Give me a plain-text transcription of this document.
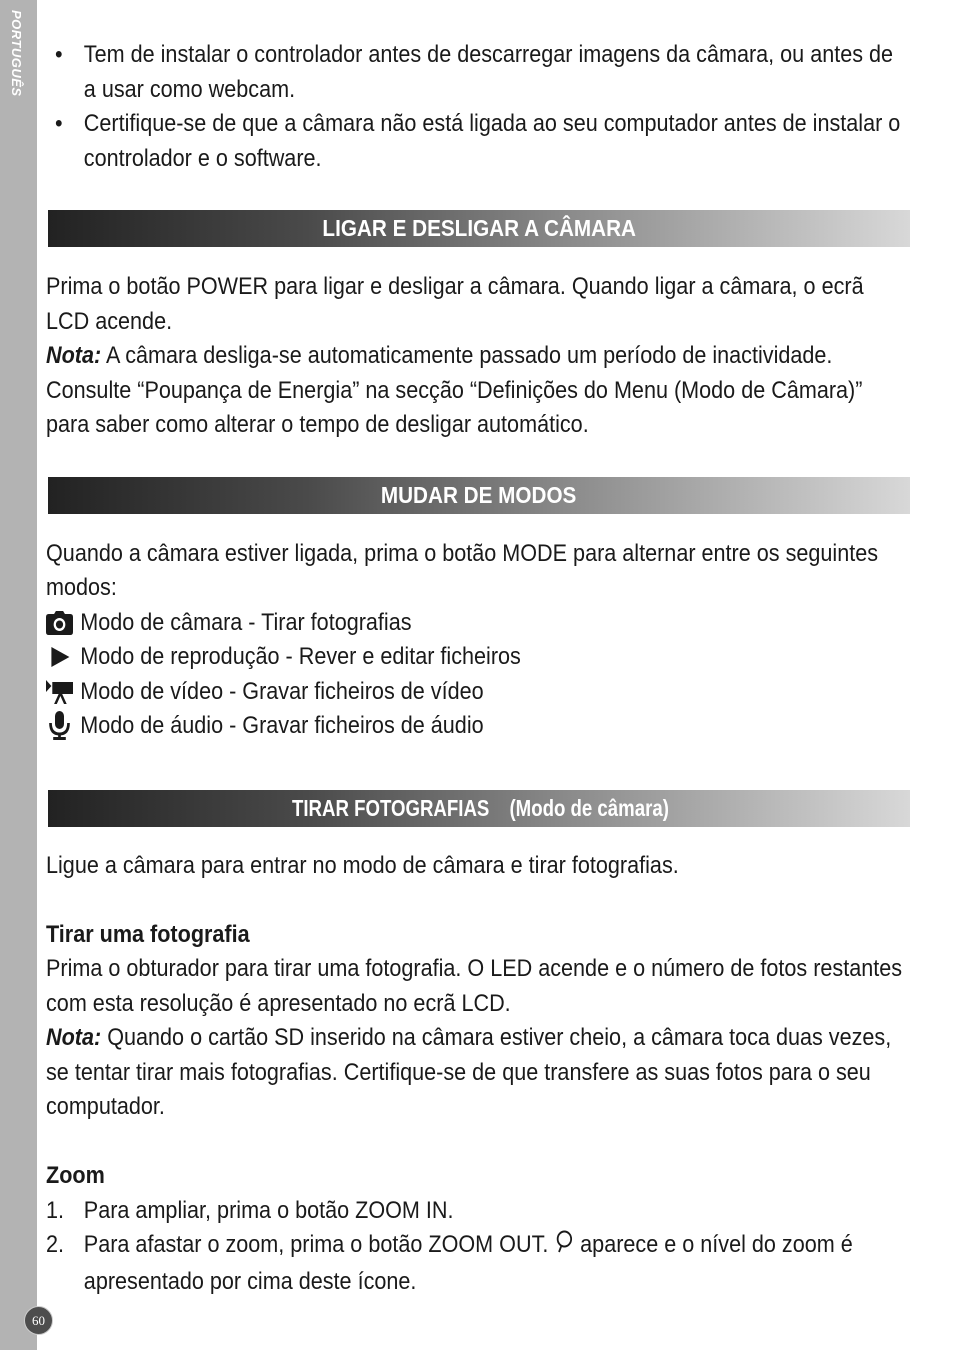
PORTUGUÊS
60
• Tem de instalar o controlador antes de descarregar imagens da câmara, ou antes de a usar como webcam.
• Certifique-se de que a câmara não está ligada ao seu computador antes de instalar o controlador e o software.
LIGAR E DESLIGAR A CÂMARA
Prima o botão POWER para ligar e desligar a câmara. Quando ligar a câmara, o ecrã LCD acende.
Nota: A câmara desliga-se automaticamente passado um período de inactividade. Consulte “Poupança de Energia” na secção “Definições do Menu (Modo de Câmara)” para saber como alterar o tempo de desligar automático.
MUDAR DE MODOS
Quando a câmara estiver ligada, prima o botão MODE para alternar entre os seguintes modos:
Modo de câmara - Tirar fotografias
Modo de reprodução - Rever e editar ficheiros
Modo de vídeo - Gravar ficheiros de vídeo
Modo de áudio - Gravar ficheiros de áudio
TIRAR FOTOGRAFIAS(Modo de câmara)
Ligue a câmara para entrar no modo de câmara e tirar fotografias.
Tirar uma fotografia
Prima o obturador para tirar uma fotografia. O LED acende e o número de fotos restantes com esta resolução é apresentado no ecrã LCD.
Nota: Quando o cartão SD inserido na câmara estiver cheio, a câmara toca duas vezes, se tentar tirar mais fotografias. Certifique-se de que transfere as suas fotos para o seu computador.
Zoom
1. Para ampliar, prima o botão ZOOM IN.
2. Para afastar o zoom, prima o botão ZOOM OUT.  aparece e o nível do zoom é apresentado por cima deste ícone.
